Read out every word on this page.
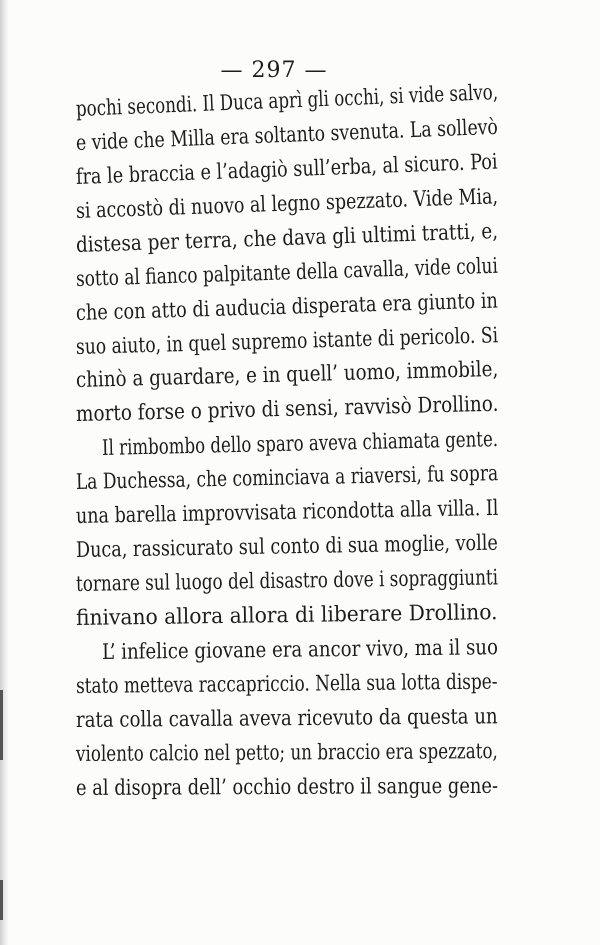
— 297 —
pochi secondi. Il Duca aprì gli occhi, si vide salvo,
e vide che Milla era soltanto svenuta. La sollevò
fra le braccia e l’adagiò sull’erba, al sicuro. Poi
si accostò di nuovo al legno spezzato. Vide Mia,
distesa per terra, che dava gli ultimi tratti, e,
sotto al fianco palpitante della cavalla, vide colui
che con atto di auducia disperata era giunto in
suo aiuto, in quel supremo istante di pericolo. Si
chinò a guardare, e in quell’ uomo, immobile,
morto forse o privo di sensi, ravvisò Drollino.
Il rimbombo dello sparo aveva chiamata gente.
La Duchessa, che cominciava a riaversi, fu sopra
una barella improvvisata ricondotta alla villa. Il
Duca, rassicurato sul conto di sua moglie, volle
tornare sul luogo del disastro dove i sopraggiunti
finivano allora allora di liberare Drollino.
L’ infelice giovane era ancor vivo, ma il suo
stato metteva raccapriccio. Nella sua lotta dispe-
rata colla cavalla aveva ricevuto da questa un
violento calcio nel petto; un braccio era spezzato,
e al disopra dell’ occhio destro il sangue gene-
